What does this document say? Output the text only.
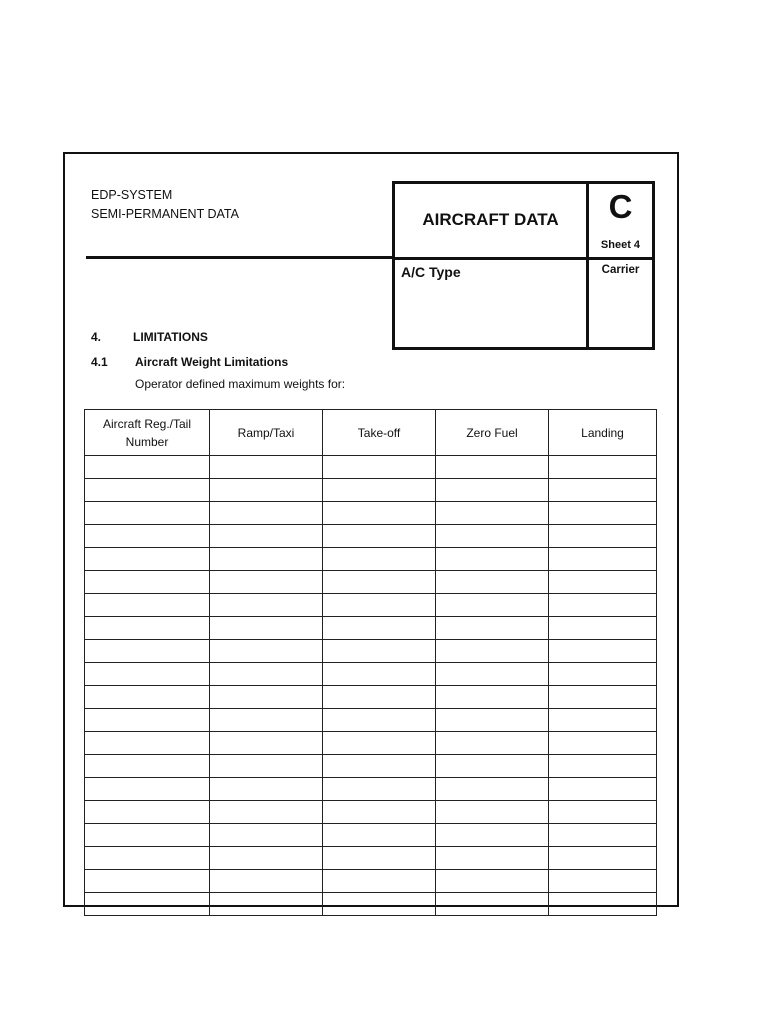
EDP-SYSTEM
SEMI-PERMANENT DATA	AIRCRAFT DATA	C
Sheet 4
A/C Type	Carrier
4.	LIMITATIONS
4.1 Aircraft Weight Limitations
Operator defined maximum weights for:
Aircraft Reg./Tail Number	Ramp/Taxi	Take-off	Zero Fuel	Landing
